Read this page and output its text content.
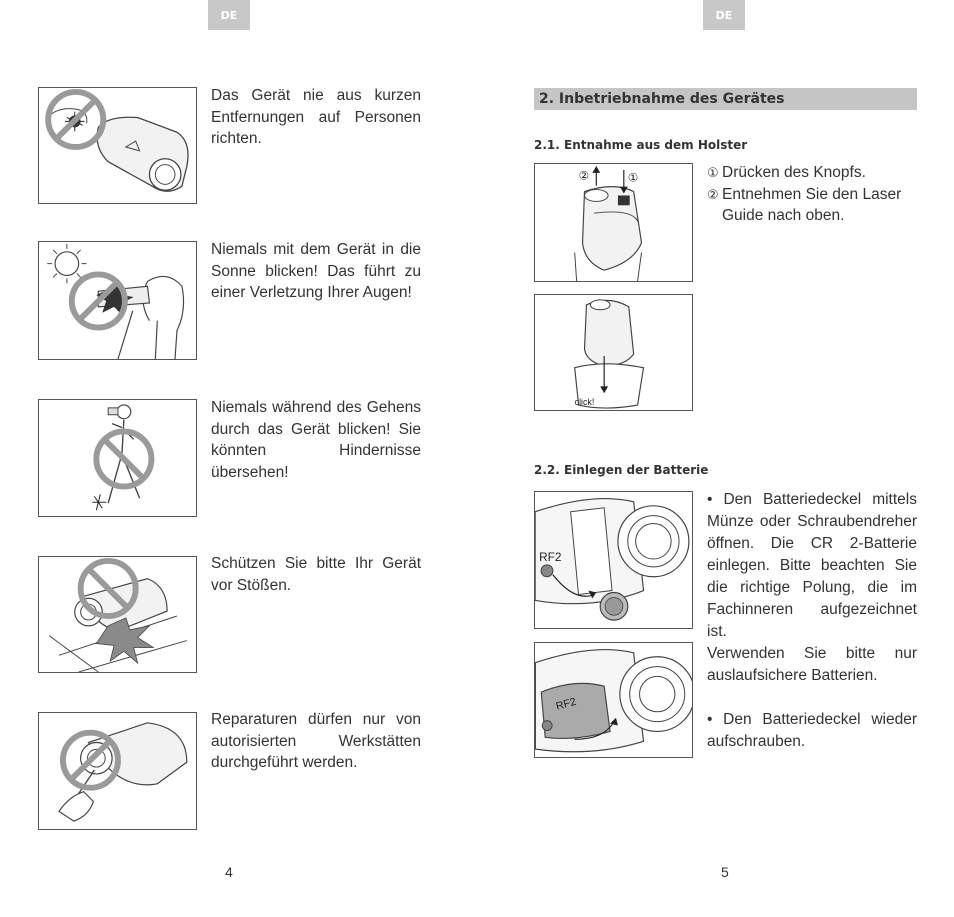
DE
Das Gerät nie aus kurzen Entfernungen auf Personen richten.
Niemals mit dem Gerät in die Sonne blicken! Das führt zu einer Verletzung Ihrer Augen!
Niemals während des Gehens durch das Gerät blicken! Sie könnten Hindernisse übersehen!
Schützen Sie bitte Ihr Gerät vor Stößen.
Reparaturen dürfen nur von autorisierten Werkstätten durchgeführt werden.
4
DE
2. Inbetriebnahme des Gerätes
2.1. Entnahme aus dem Holster
②	①
click!
① Drücken des Knopfs.
② Entnehmen Sie den Laser Guide nach oben.
2.2. Einlegen der Batterie
RF2
RF2

• Den Batteriedeckel mittels Münze oder Schraubendreher öffnen. Die CR 2-Batterie einlegen. Bitte beachten Sie die richtige Polung, die im Fachinneren aufgezeichnet ist.

Verwenden Sie bitte nur auslaufsichere Batterien.

• Den Batteriedeckel wieder aufschrauben.

5
